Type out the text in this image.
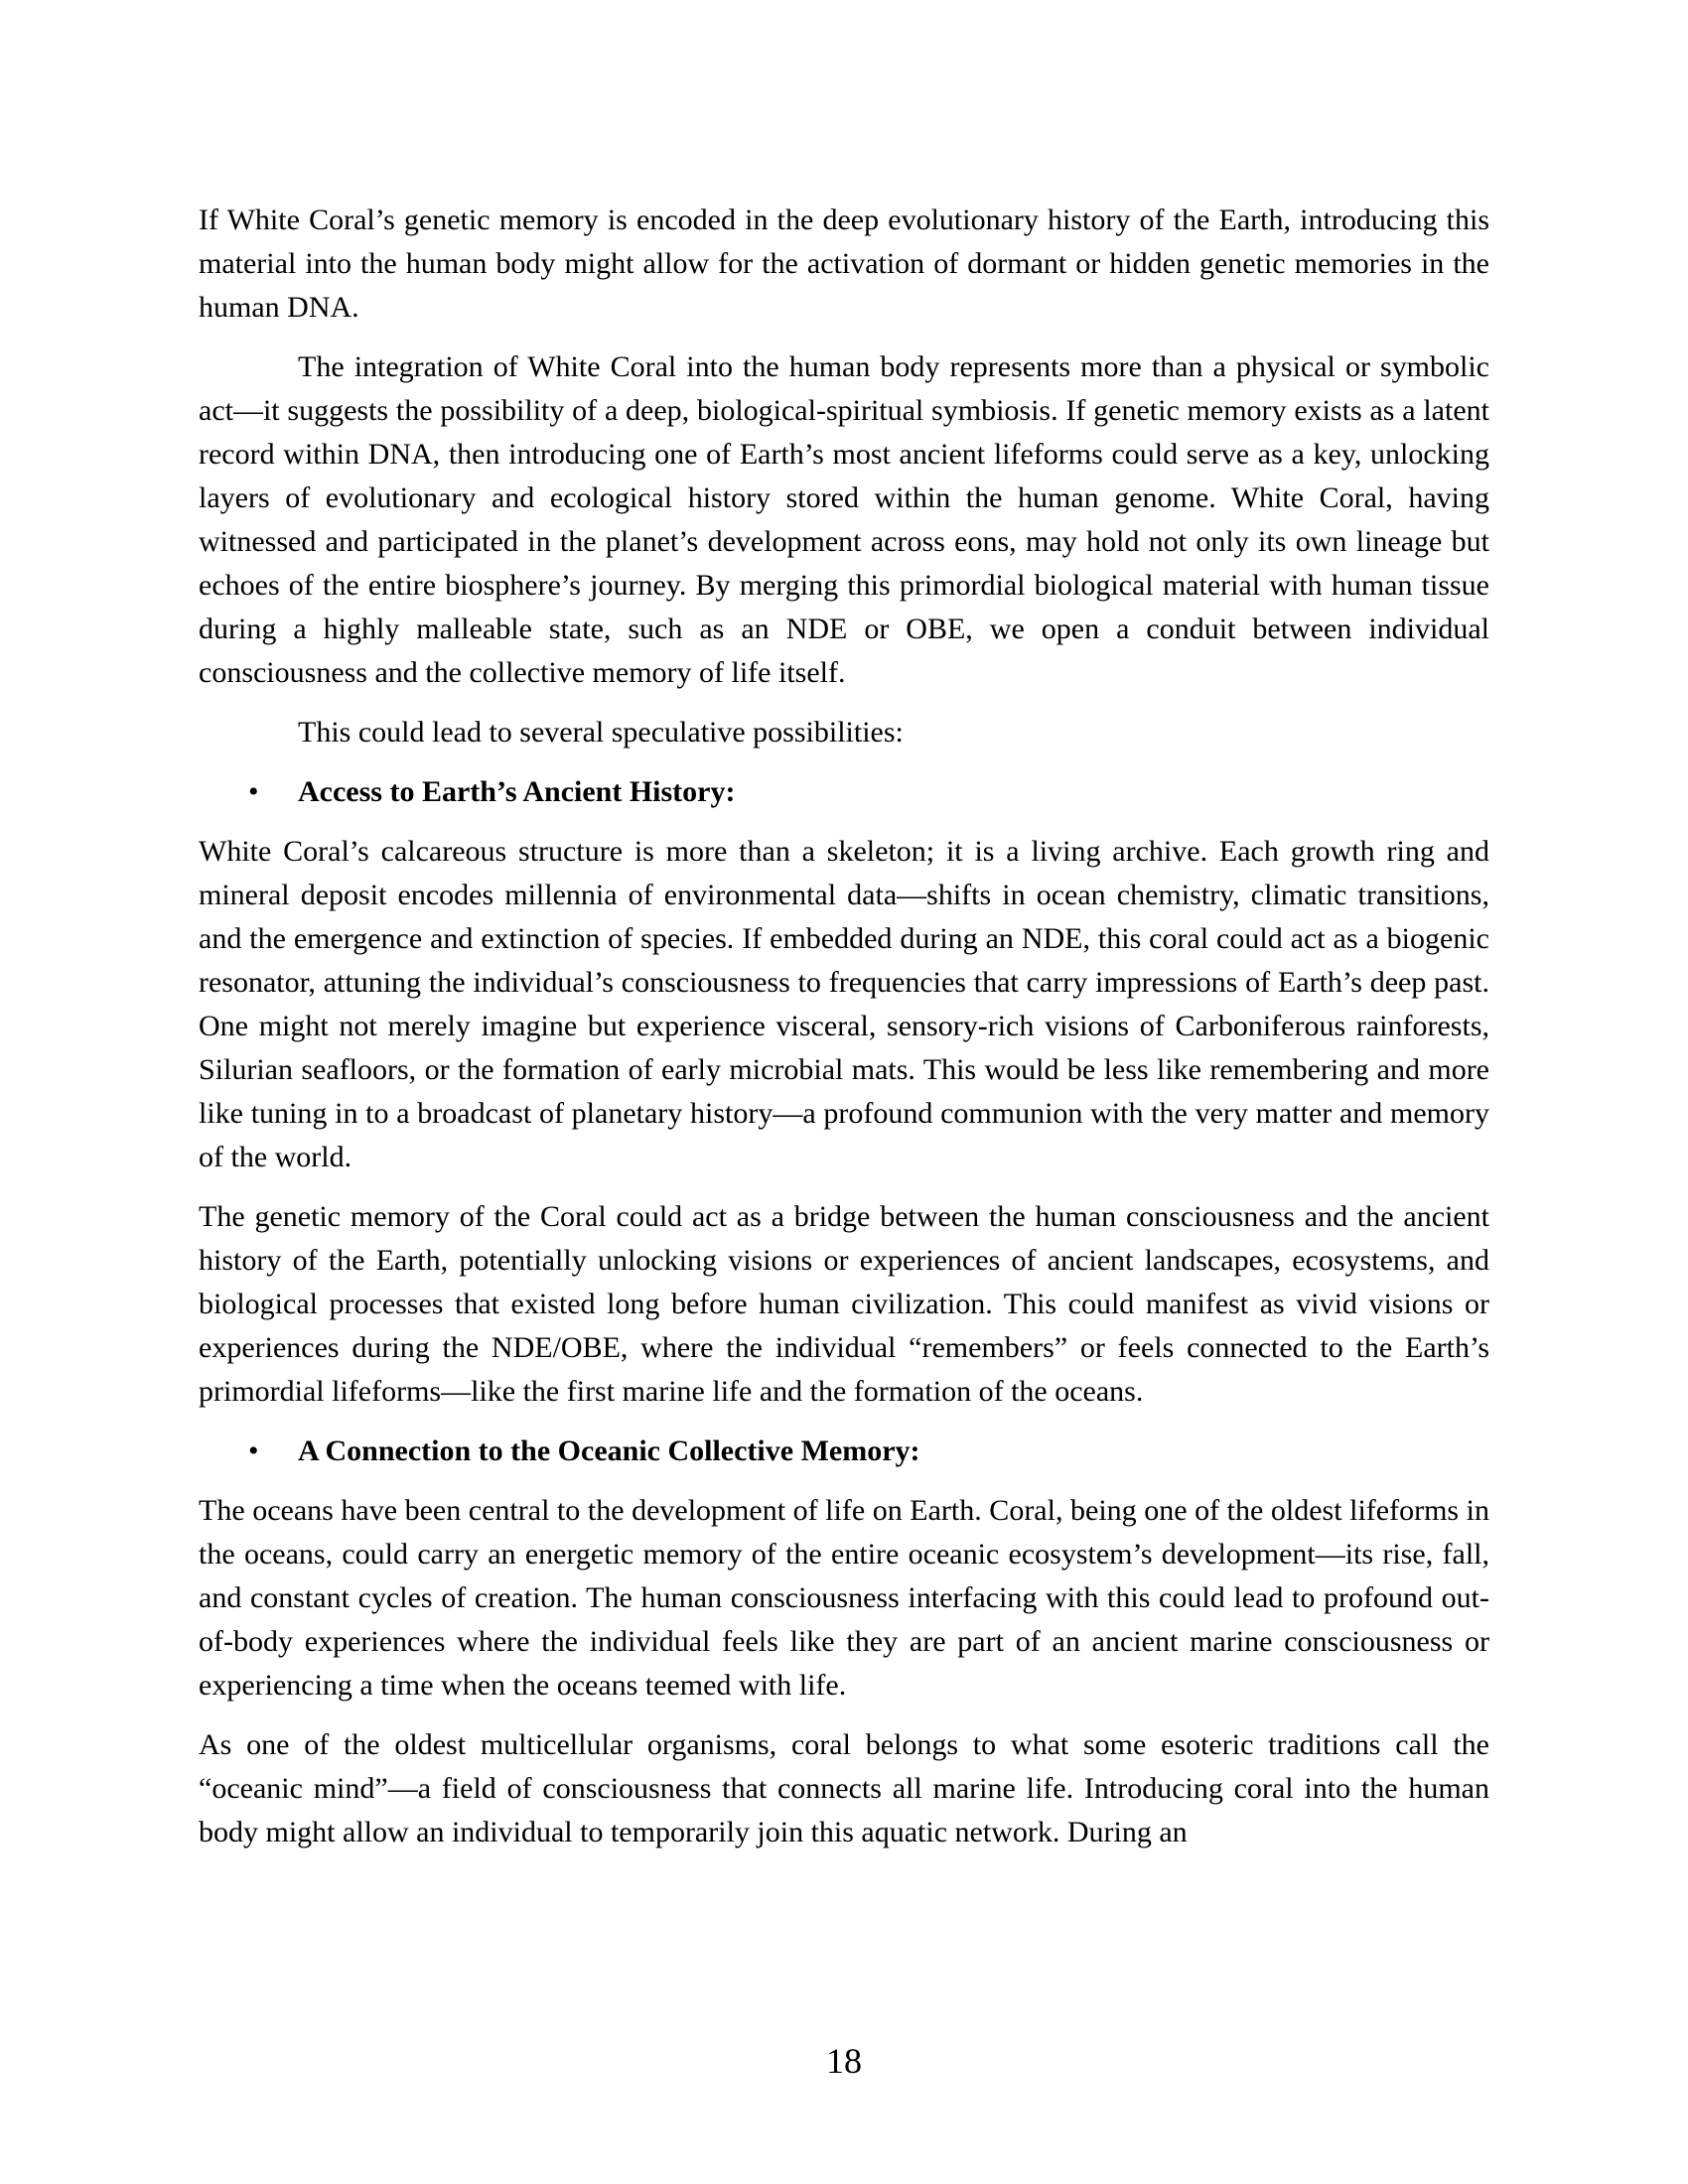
If White Coral’s genetic memory is encoded in the deep evolutionary history of the Earth, introducing this material into the human body might allow for the activation of dormant or hidden genetic memories in the human DNA.

The integration of White Coral into the human body represents more than a physical or symbolic act—it suggests the possibility of a deep, biological-spiritual symbiosis. If genetic memory exists as a latent record within DNA, then introducing one of Earth’s most ancient lifeforms could serve as a key, unlocking layers of evolutionary and ecological history stored within the human genome. White Coral, having witnessed and participated in the planet’s development across eons, may hold not only its own lineage but echoes of the entire biosphere’s journey. By merging this primordial biological material with human tissue during a highly malleable state, such as an NDE or OBE, we open a conduit between individual consciousness and the collective memory of life itself.

This could lead to several speculative possibilities:

• Access to Earth’s Ancient History:

White Coral’s calcareous structure is more than a skeleton; it is a living archive. Each growth ring and mineral deposit encodes millennia of environmental data—shifts in ocean chemistry, climatic transitions, and the emergence and extinction of species. If embedded during an NDE, this coral could act as a biogenic resonator, attuning the individual’s consciousness to frequencies that carry impressions of Earth’s deep past. One might not merely imagine but experience visceral, sensory-rich visions of Carboniferous rainforests, Silurian seafloors, or the formation of early microbial mats. This would be less like remembering and more like tuning in to a broadcast of planetary history—a profound communion with the very matter and memory of the world.

The genetic memory of the Coral could act as a bridge between the human consciousness and the ancient history of the Earth, potentially unlocking visions or experiences of ancient landscapes, ecosystems, and biological processes that existed long before human civilization. This could manifest as vivid visions or experiences during the NDE/OBE, where the individual “remembers” or feels connected to the Earth’s primordial lifeforms—like the first marine life and the formation of the oceans.

• A Connection to the Oceanic Collective Memory:

The oceans have been central to the development of life on Earth. Coral, being one of the oldest lifeforms in the oceans, could carry an energetic memory of the entire oceanic ecosystem’s development—its rise, fall, and constant cycles of creation. The human consciousness interfacing with this could lead to profound out-of-body experiences where the individual feels like they are part of an ancient marine consciousness or experiencing a time when the oceans teemed with life.

As one of the oldest multicellular organisms, coral belongs to what some esoteric traditions call the “oceanic mind”—a field of consciousness that connects all marine life. Introducing coral into the human body might allow an individual to temporarily join this aquatic network. During an

18
